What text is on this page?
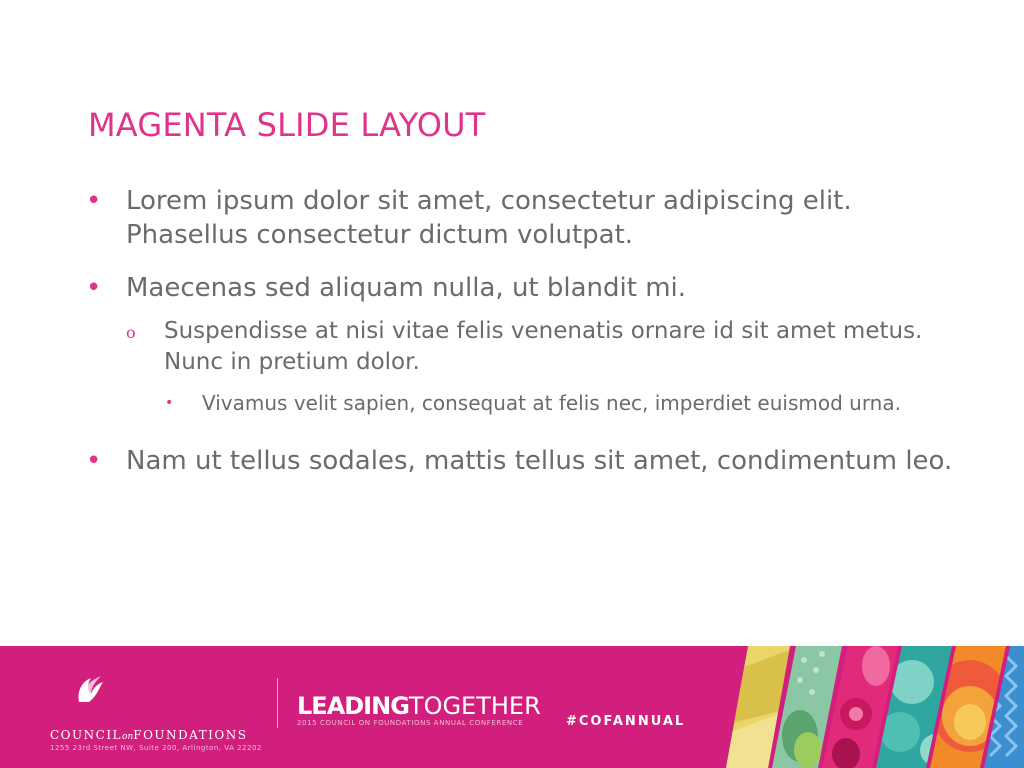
MAGENTA SLIDE LAYOUT
• Lorem ipsum dolor sit amet, consectetur adipiscing elit. Phasellus consectetur dictum volutpat.
• Maecenas sed aliquam nulla, ut blandit mi.
o Suspendisse at nisi vitae felis venenatis ornare id sit amet metus. Nunc in pretium dolor.
• Vivamus velit sapien, consequat at felis nec, imperdiet euismod urna.
• Nam ut tellus sodales, mattis tellus sit amet, condimentum leo.
COUNCILonFOUNDATIONS
1255 23rd Street NW, Suite 200, Arlington, VA 22202
LEADINGTOGETHER
2015 COUNCIL ON FOUNDATIONS ANNUAL CONFERENCE	#COFANNUAL
